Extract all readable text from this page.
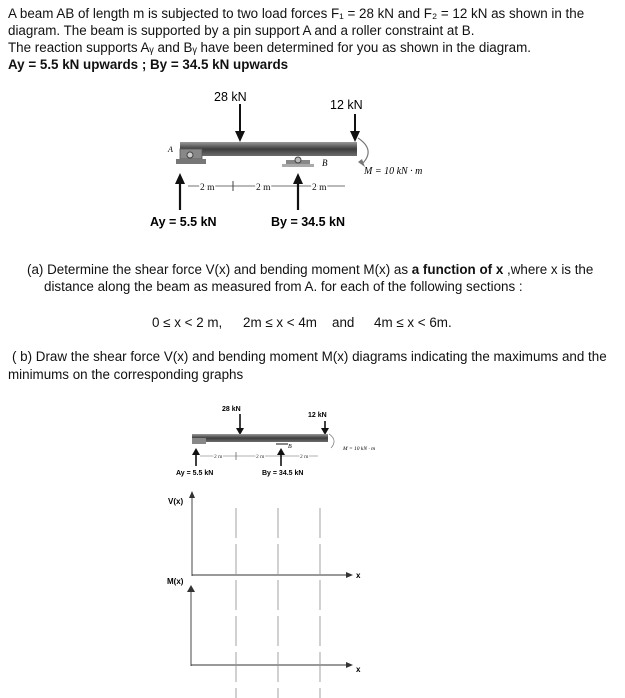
A beam AB of length m is subjected to two load forces F₁ = 28 kN and F₂ = 12 kN as shown in the
diagram. The beam is supported by a pin support A and a roller constraint at B.
The reaction supports Aᵧ and Bᵧ have been determined for you as shown in the diagram.
Ay = 5.5 kN upwards ; By = 34.5 kN upwards
28 kN
12 kN
A
B
M = 10 kN · m
2 m	2 m	2 m
Ay = 5.5 kN	By = 34.5 kN
(a) Determine the shear force V(x) and bending moment M(x) as a function of x ,where x is the
distance along the beam as measured from A. for each of the following sections :
0 ≤ x < 2 m, 2m ≤ x < 4m and 4m ≤ x < 6m.
( b) Draw the shear force V(x) and bending moment M(x) diagrams indicating the maximums and the
minimums on the corresponding graphs
28 kN
12 kN
B	M = 10 kN · m
2 m	2 m	2 m
Ay = 5.5 kN	By = 34.5 kN
V(x)
x
M(x)
x
